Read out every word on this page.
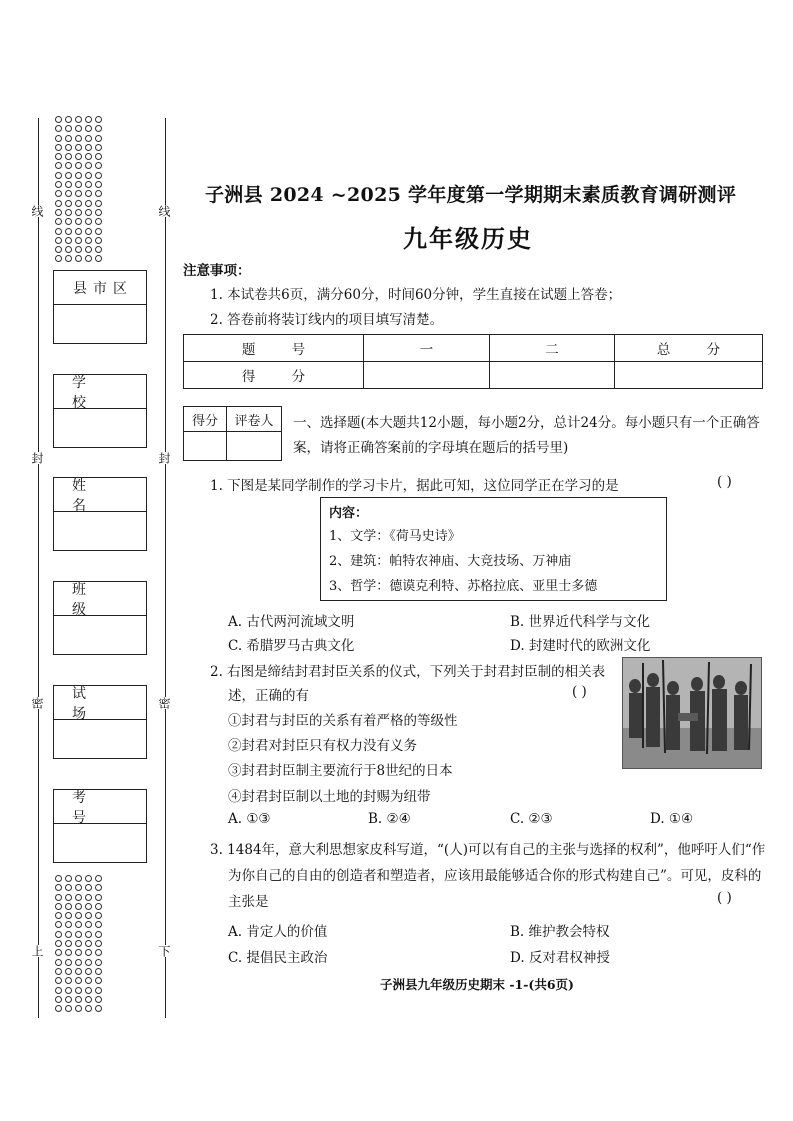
线	线
封	封
密	密
上	下
县市区
学 校
姓 名
班 级
试 场
考 号
子洲县 2024 ~2025 学年度第一学期期末素质教育调研测评
九年级历史
注意事项：
1. 本试卷共6页，满分60分，时间60分钟，学生直接在试题上答卷；
2. 答卷前将装订线内的项目填写清楚。
题 号	一	二	总 分
得 分			
得分	评卷人
	一、选择题(本大题共12小题，每小题2分，总计24分。每小题只有一个正确答
案，请将正确答案前的字母填在题后的括号里)
1. 下图是某同学制作的学习卡片，据此可知，这位同学正在学习的是	( )
内容：
1、文学：《荷马史诗》
2、建筑：帕特农神庙、大竞技场、万神庙
3、哲学：德谟克利特、苏格拉底、亚里士多德
A. 古代两河流域文明	B. 世界近代科学与文化
C. 希腊罗马古典文化	D. 封建时代的欧洲文化
2. 右图是缔结封君封臣关系的仪式，下列关于封君封臣制的相关表
述，正确的有	( )
①封君与封臣的关系有着严格的等级性
②封君对封臣只有权力没有义务
③封君封臣制主要流行于8世纪的日本
④封君封臣制以土地的封赐为纽带
A. ①③	B. ②④	C. ②③	D. ①④
3. 1484年，意大利思想家皮科写道，“(人)可以有自己的主张与选择的权利”，他呼吁人们“作
为你自己的自由的创造者和塑造者，应该用最能够适合你的形式构建自己”。可见，皮科的
主张是	( )
A. 肯定人的价值	B. 维护教会特权
C. 提倡民主政治	D. 反对君权神授
子洲县九年级历史期末 -1-(共6页)
